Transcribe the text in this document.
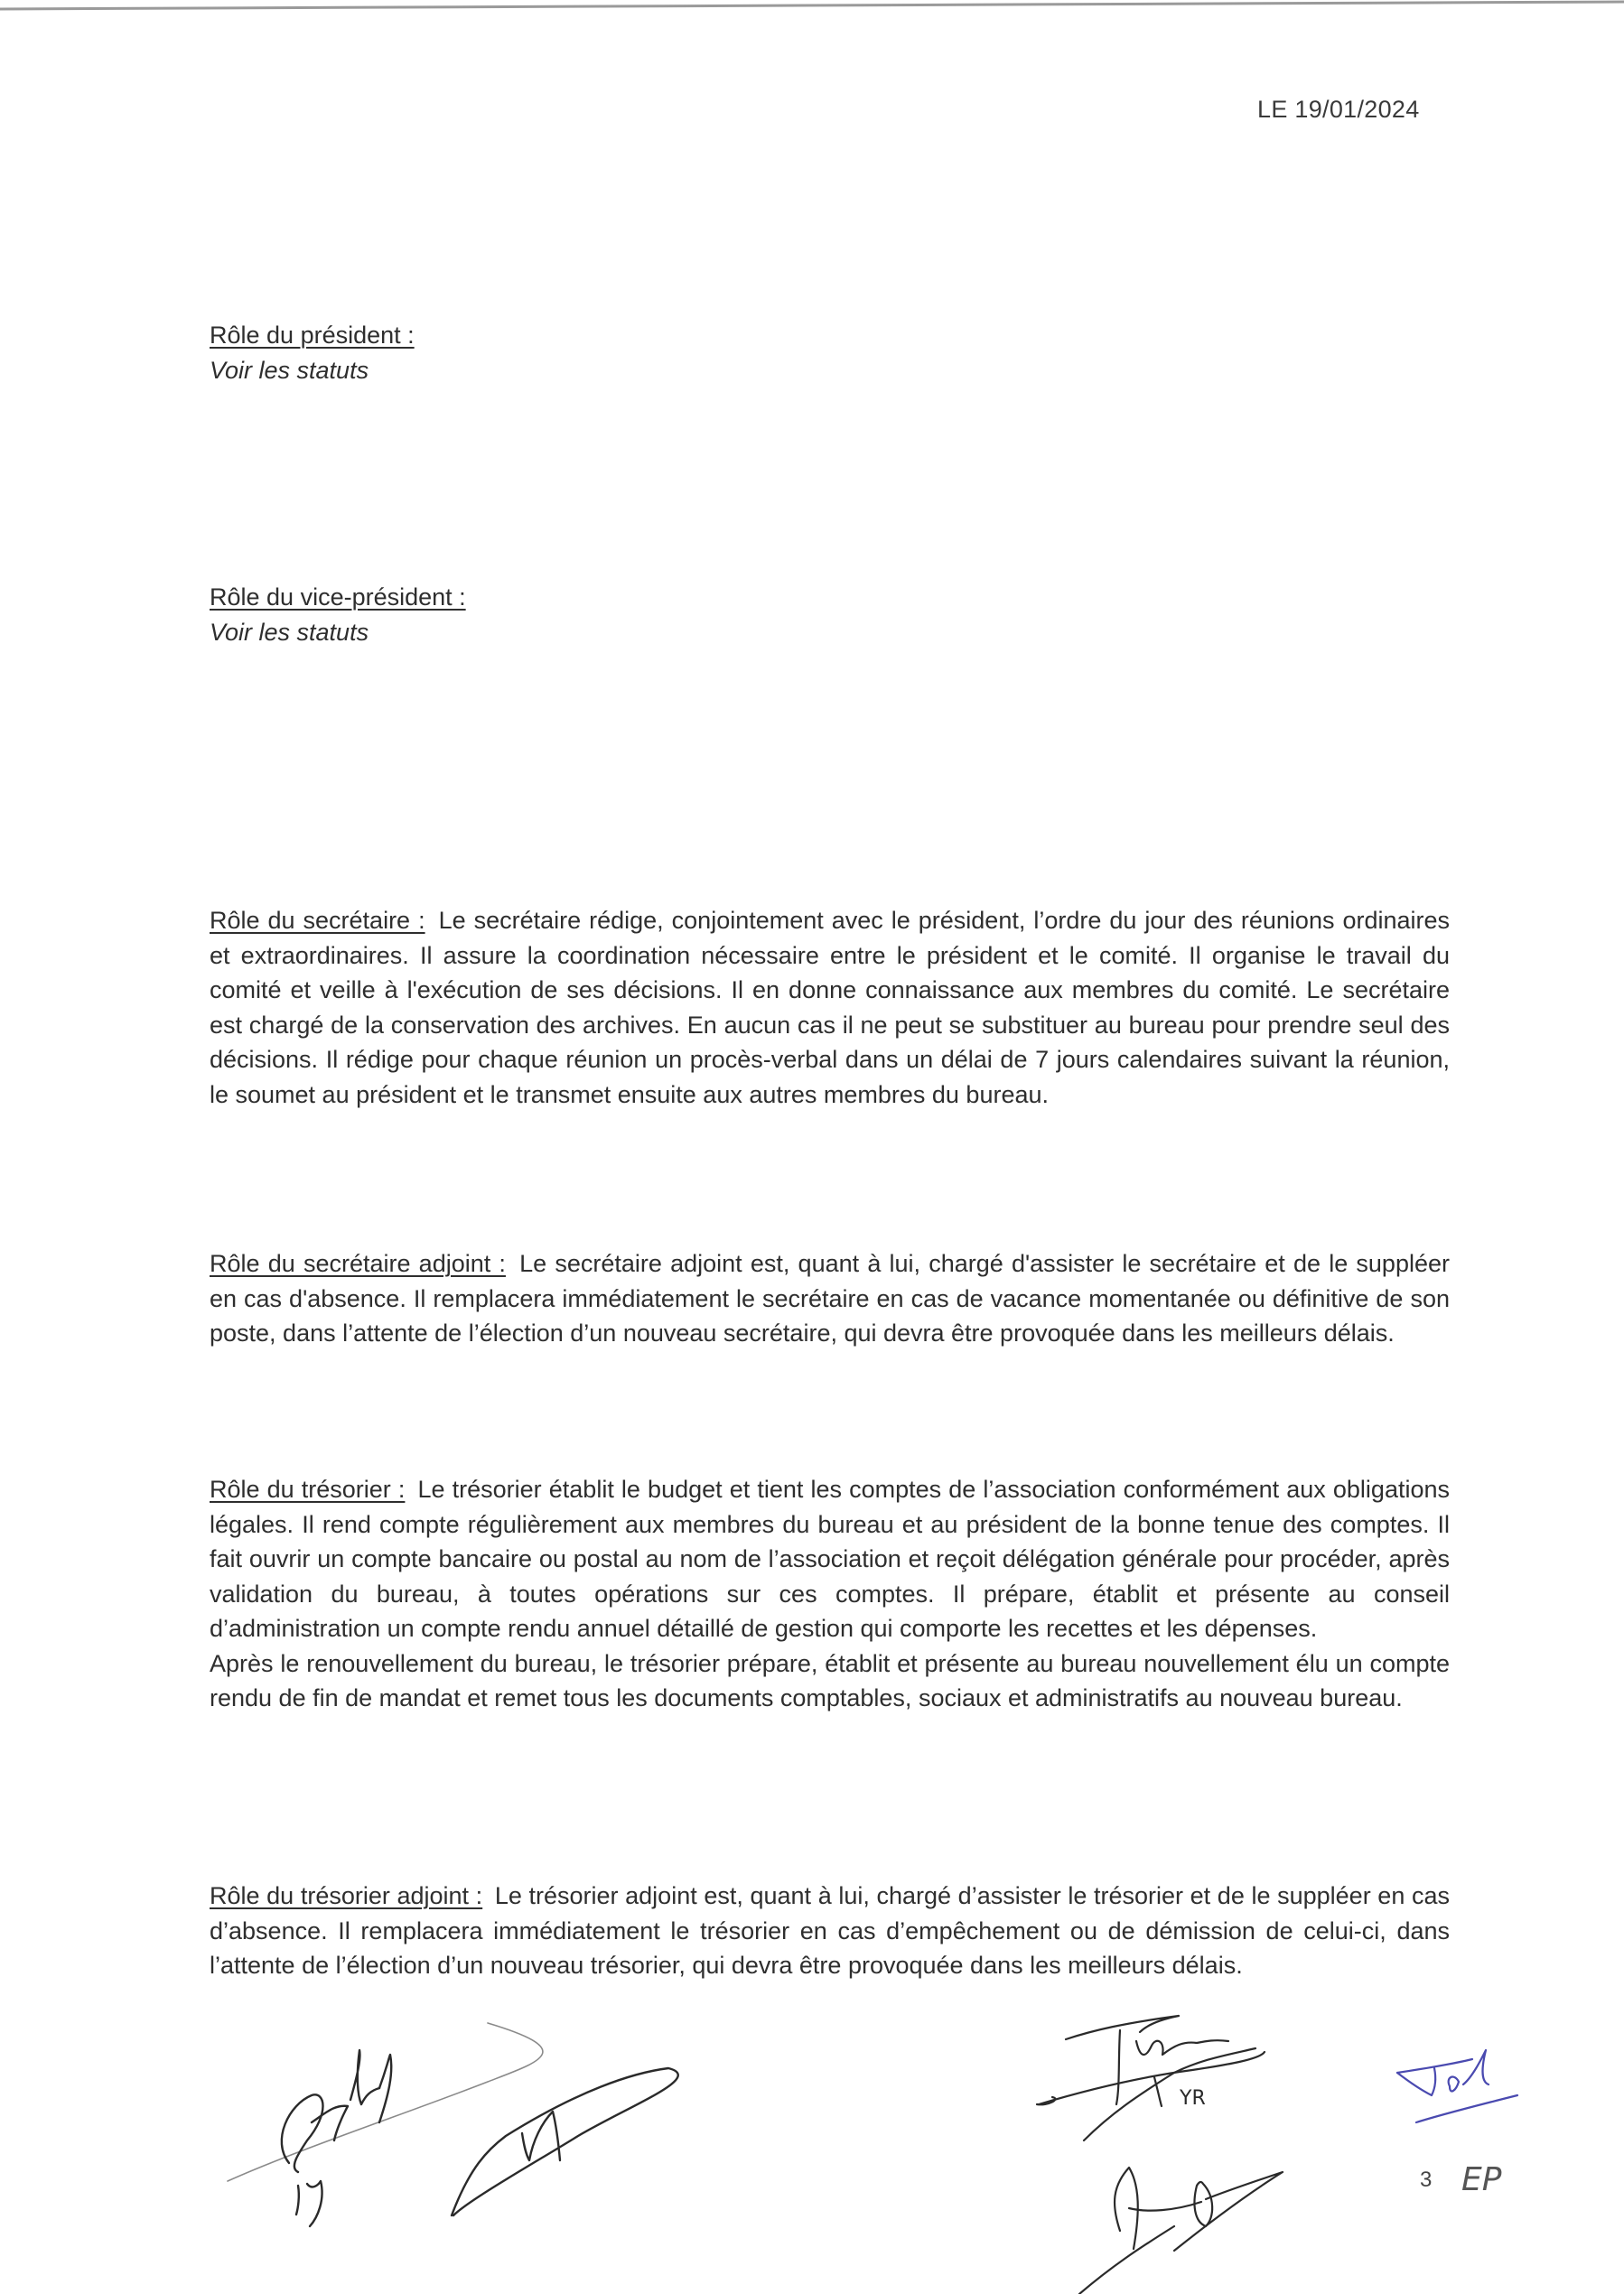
LE 19/01/2024
Rôle du président :
Voir les statuts
Rôle du vice-président :
Voir les statuts

Rôle du secrétaire : Le secrétaire rédige, conjointement avec le président, l’ordre du jour des réunions ordinaires et extraordinaires. Il assure la coordination nécessaire entre le président et le comité. Il organise le travail du comité et veille à l'exécution de ses décisions. Il en donne connaissance aux membres du comité. Le secrétaire est chargé de la conservation des archives. En aucun cas il ne peut se substituer au bureau pour prendre seul des décisions. Il rédige pour chaque réunion un procès-verbal dans un délai de 7 jours calendaires suivant la réunion, le soumet au président et le transmet ensuite aux autres membres du bureau.

Rôle du secrétaire adjoint : Le secrétaire adjoint est, quant à lui, chargé d'assister le secrétaire et de le suppléer en cas d'absence. Il remplacera immédiatement le secrétaire en cas de vacance momentanée ou définitive de son poste, dans l’attente de l’élection d’un nouveau secrétaire, qui devra être provoquée dans les meilleurs délais.

Rôle du trésorier : Le trésorier établit le budget et tient les comptes de l’association conformément aux obligations légales. Il rend compte régulièrement aux membres du bureau et au président de la bonne tenue des comptes. Il fait ouvrir un compte bancaire ou postal au nom de l’association et reçoit délégation générale pour procéder, après validation du bureau, à toutes opérations sur ces comptes. Il prépare, établit et présente au conseil d’administration un compte rendu annuel détaillé de gestion qui comporte les recettes et les dépenses.

Après le renouvellement du bureau, le trésorier prépare, établit et présente au bureau nouvellement élu un compte rendu de fin de mandat et remet tous les documents comptables, sociaux et administratifs au nouveau bureau.

Rôle du trésorier adjoint : Le trésorier adjoint est, quant à lui, chargé d’assister le trésorier et de le suppléer en cas d’absence. Il remplacera immédiatement le trésorier en cas d’empêchement ou de démission de celui-ci, dans l’attente de l’élection d’un nouveau trésorier, qui devra être provoquée dans les meilleurs délais.

YR
3 EP
